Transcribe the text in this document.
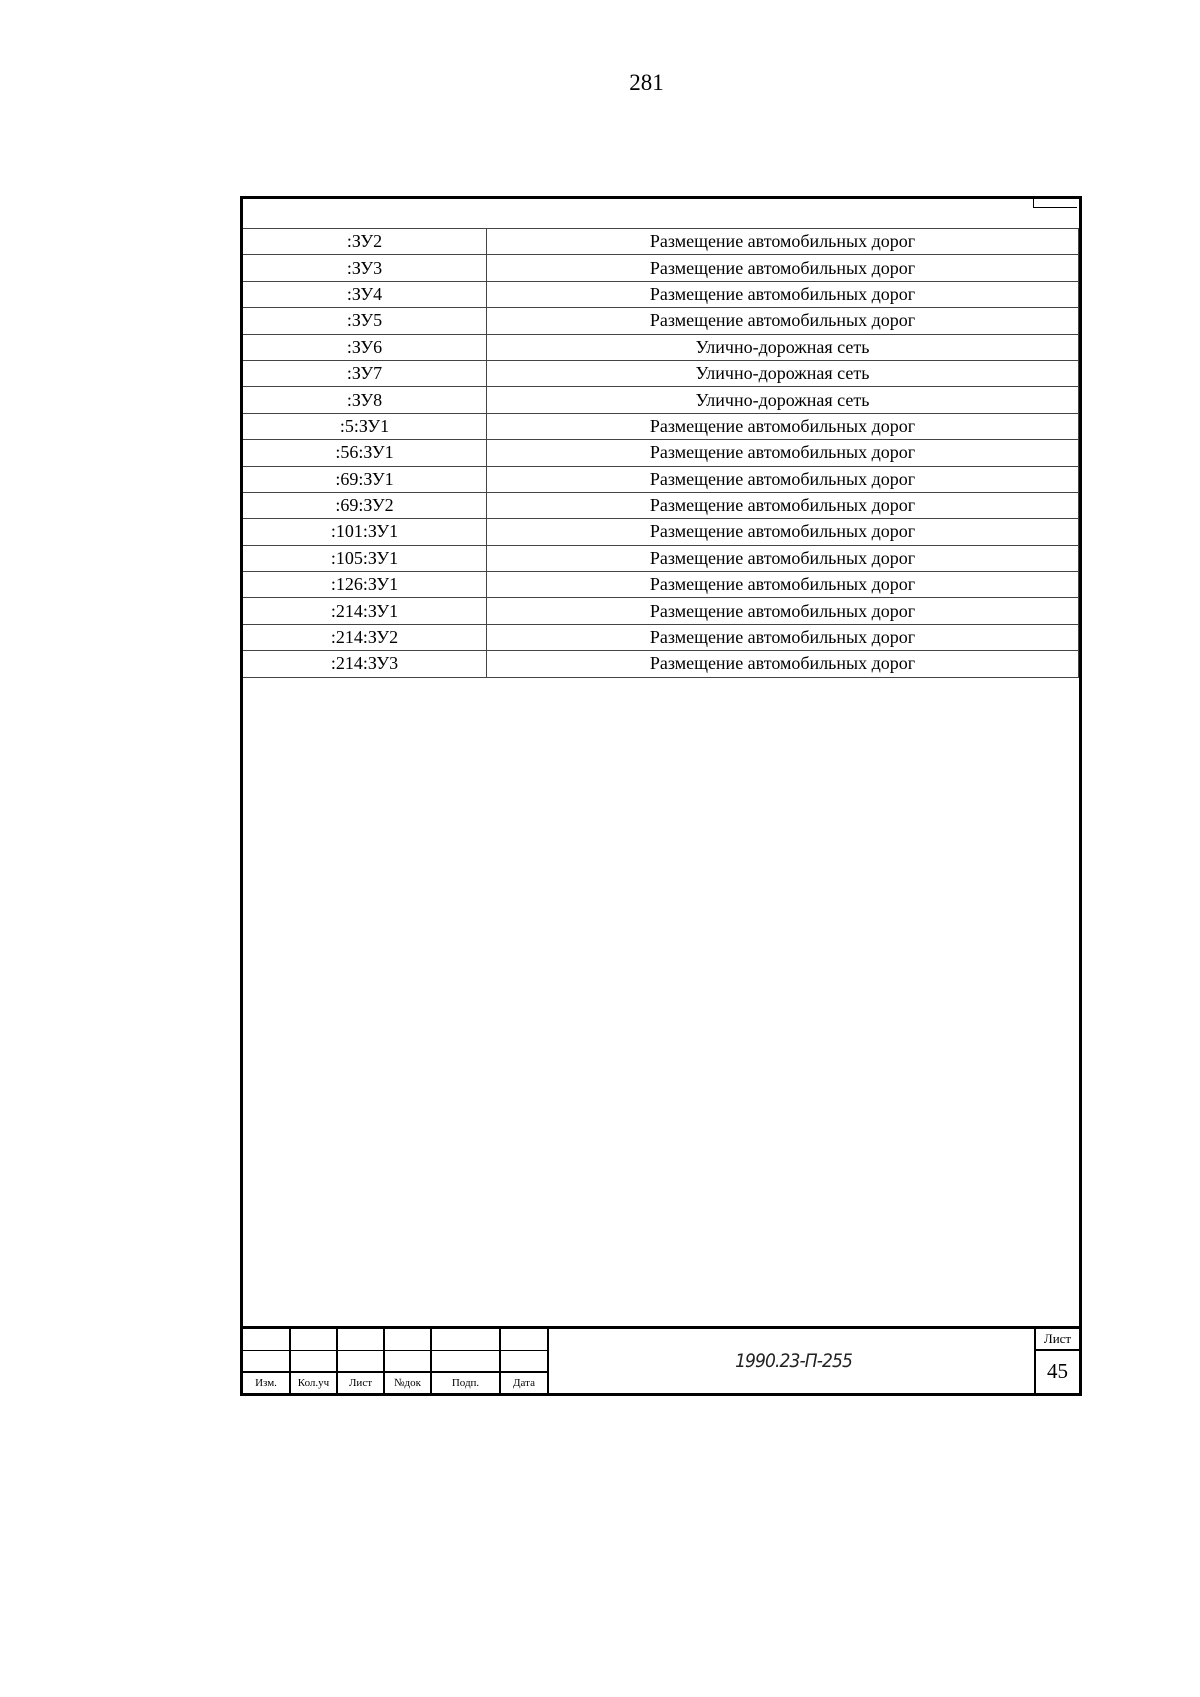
281
:ЗУ2	Размещение автомобильных дорог
:ЗУ3	Размещение автомобильных дорог
:ЗУ4	Размещение автомобильных дорог
:ЗУ5	Размещение автомобильных дорог
:ЗУ6	Улично-дорожная сеть
:ЗУ7	Улично-дорожная сеть
:ЗУ8	Улично-дорожная сеть
:5:ЗУ1	Размещение автомобильных дорог
:56:ЗУ1	Размещение автомобильных дорог
:69:ЗУ1	Размещение автомобильных дорог
:69:ЗУ2	Размещение автомобильных дорог
:101:ЗУ1	Размещение автомобильных дорог
:105:ЗУ1	Размещение автомобильных дорог
:126:ЗУ1	Размещение автомобильных дорог
:214:ЗУ1	Размещение автомобильных дорог
:214:ЗУ2	Размещение автомобильных дорог
:214:ЗУ3	Размещение автомобильных дорог

Изм.	Кол.уч	Лист	№док	Подп.	Дата
1990.23-П-255
Лист
45
